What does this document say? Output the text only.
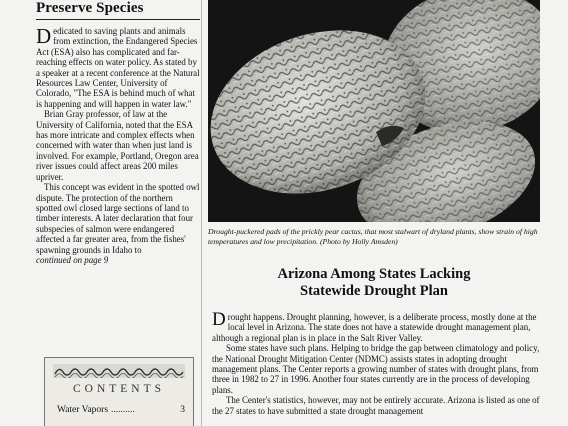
Preserve Species

Dedicated to saving plants and animals from extinction, the Endangered Species Act (ESA) also has complicated and far-reaching effects on water policy. As stated by a speaker at a recent conference at the Natural Resources Law Center, University of Colorado, "The ESA is behind much of what is happening and will happen in water law."

Brian Gray professor, of law at the University of California, noted that the ESA has more intricate and complex effects when concerned with water than when just land is involved. For example, Portland, Oregon area river issues could affect areas 200 miles upriver.

This concept was evident in the spotted owl dispute. The protection of the northern spotted owl closed large sections of land to timber interests. A later declaration that four subspecies of salmon were endangered affected a far greater area, from the fishes' spawning grounds in Idaho to

continued on page 9

CONTENTS
Water Vapors ..........	3

Drought-puckered pads of the prickly pear cactus, that most stalwart of dryland plants, show strain of high temperatures and low precipitation. (Photo by Holly Amsden)

Arizona Among States Lacking
Statewide Drought Plan

Drought happens. Drought planning, however, is a deliberate process, mostly done at the local level in Arizona. The state does not have a statewide drought management plan, although a regional plan is in place in the Salt River Valley.

Some states have such plans. Helping to bridge the gap between climatology and policy, the National Drought Mitigation Center (NDMC) assists states in adopting drought management plans. The Center reports a growing number of states with drought plans, from three in 1982 to 27 in 1996. Another four states currently are in the process of developing plans.

The Center's statistics, however, may not be entirely accurate. Arizona is listed as one of the 27 states to have submitted a state drought management
